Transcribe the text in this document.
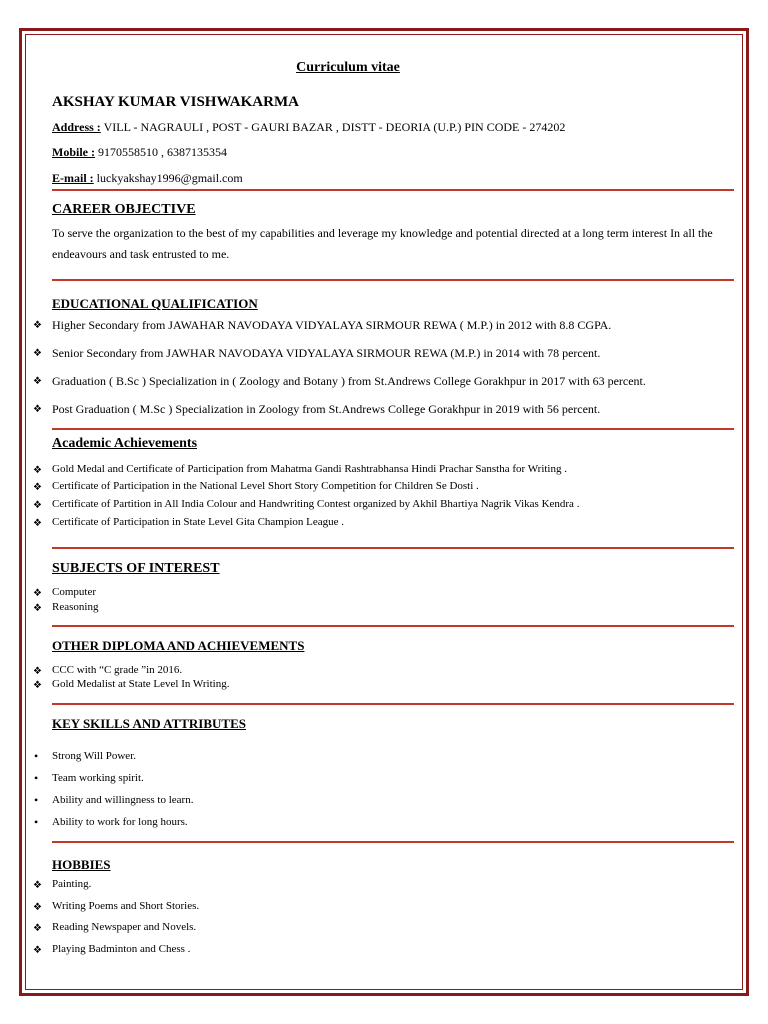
Curriculum vitae
AKSHAY KUMAR VISHWAKARMA
Address : VILL - NAGRAULI , POST - GAURI BAZAR , DISTT - DEORIA (U.P.) PIN CODE - 274202
Mobile : 9170558510 , 6387135354
E-mail : luckyakshay1996@gmail.com
CAREER OBJECTIVE
To serve the organization to the best of my capabilities and leverage my knowledge and potential directed at a long term interest In all the endeavours and task entrusted to me.
EDUCATIONAL QUALIFICATION
❖ Higher Secondary from JAWAHAR NAVODAYA VIDYALAYA SIRMOUR REWA ( M.P.) in 2012 with 8.8 CGPA.
❖ Senior Secondary from JAWHAR NAVODAYA VIDYALAYA SIRMOUR REWA (M.P.) in 2014 with 78 percent.
❖ Graduation ( B.Sc ) Specialization in ( Zoology and Botany ) from St.Andrews College Gorakhpur in 2017 with 63 percent.
❖ Post Graduation ( M.Sc ) Specialization in Zoology from St.Andrews College Gorakhpur in 2019 with 56 percent.
Academic Achievements
❖ Gold Medal and Certificate of Participation from Mahatma Gandi Rashtrabhansa Hindi Prachar Sanstha for Writing .
❖ Certificate of Participation in the National Level Short Story Competition for Children Se Dosti .
❖ Certificate of Partition in All India Colour and Handwriting Contest organized by Akhil Bhartiya Nagrik Vikas Kendra .
❖ Certificate of Participation in State Level Gita Champion League .
SUBJECTS OF INTEREST
❖ Computer
❖ Reasoning
OTHER DIPLOMA AND ACHIEVEMENTS
❖ CCC with “C grade ”in 2016.
❖ Gold Medalist at State Level In Writing.
KEY SKILLS AND ATTRIBUTES
• Strong Will Power.
• Team working spirit.
• Ability and willingness to learn.
• Ability to work for long hours.
HOBBIES
❖ Painting.
❖ Writing Poems and Short Stories.
❖ Reading Newspaper and Novels.
❖ Playing Badminton and Chess .
